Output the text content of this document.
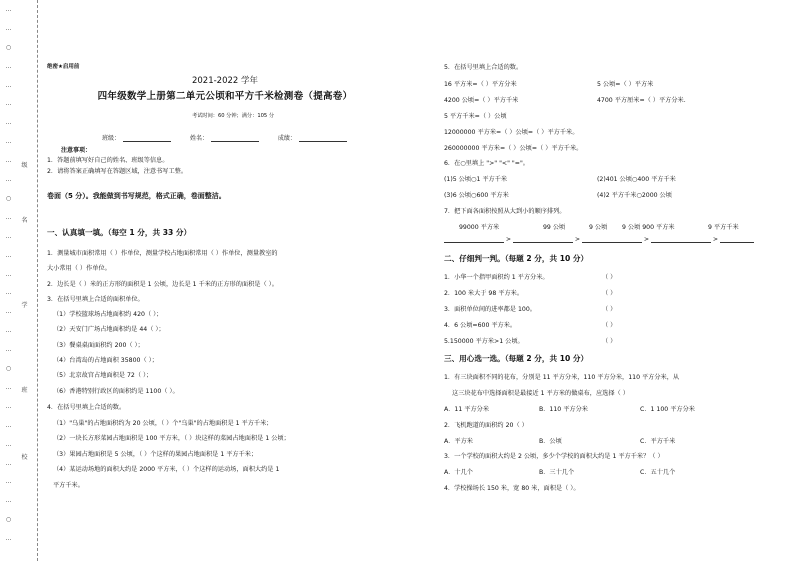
…
…
○
…
…
…
…
…
…
…
○
…
…
…
…
…
…
…
…
○
…
…
…
…
…
…
…
○
…
级
名
学
班
校
绝密★启用前
2021-2022 学年
四年级数学上册第二单元公顷和平方千米检测卷（提高卷）
考试时间：60 分钟；满分：105 分
班级：	姓名：	成绩：
注意事项：
1．答题前填写好自己的姓名、班级等信息。
2．请将答案正确填写在答题区域，注意书写工整。
卷面（5 分）。我能做到书写规范，格式正确，卷面整洁。
一、认真填一填。（每空 1 分，共 33 分）
1．测量城市面积常用（ ）作单位，测量学校占地面积常用（ ）作单位，测量教室的
大小常用（ ）作单位。
2．边长是（ ）米的正方形的面积是 1 公顷，边长是 1 千米的正方形的面积是（ ）。
3．在括号里填上合适的面积单位。
（1）学校篮球场占地面积约 420（ ）；
（2）天安门广场占地面积约是 44（ ）；
（3）餐桌桌面面积约 200（ ）；
（4）台湾岛的占地面积 35800（ ）；
（5）北京故宫占地面积是 72（ ）；
（6）香港特别行政区的面积约是 1100（ ）。
4．在括号里填上合适的数。
（1）"乌巢"的占地面积约为 20 公顷，（ ）个"乌巢"的占地面积是 1 平方千米；
（2）一块长方形菜园占地面积是 100 平方米，（ ）块这样的菜园占地面积是 1 公顷；
（3）果园占地面积是 5 公顷，（ ）个这样的果园占地面积是 1 平方千米；
（4）某运动场地的面积大约是 2000 平方米，（ ）个这样的运动场，面积大约是 1
平方千米。
5．在括号里填上合适的数。
16 平方米=（ ）平方分米	5 公顷=（ ）平方米
4200 公顷=（ ）平方千米	4700 平方厘米=（ ）平方分米.
5 平方千米=（ ）公顷
12000000 平方米=（ ）公顷=（ ）平方千米。
260000000 平方米=（ ）公顷=（ ）平方千米。
6．在○里填上 ">" "<" "="。
(1)5 公顷○1 平方千米	(2)401 公顷○400 平方千米
(3)6 公顷○600 平方米	(4)2 平方千米○2000 公顷
7．把下面各面积按照从大到小的顺序排列。
99000 平方米	99 公顷	9 公顷 9 公顷 900 平方米	9 平方千米
>	>	>	>
二、仔细判一判。（每题 2 分，共 10 分）
1．小华一个指甲面积约 1 平方分米。	（ ）
2．100 米大于 98 平方米。	（ ）
3．面积单位间的进率都是 100。	（ ）
4．6 公顷=600 平方米。	（ ）
5.150000 平方米>1 公顷。	（ ）
三、用心选一选。（每题 2 分，共 10 分）
1．有三块面积不同的花布，分别是 11 平方分米，110 平方分米，110 平方分米，从
这三块花布中选择面积是最接近 1 平方米的做桌布，应选择（ ）
A．11 平方分米	B．110 平方分米	C．1 100 平方分米
2．飞机跑道的面积约 20（ ）
A．平方米	B．公顷	C．平方千米
3．一个学校的面积大约是 2 公顷，多少个学校的面积大约是 1 平方千米？（ ）
A．十几个	B．三十几个	C．五十几个
4．学校操场长 150 米，宽 80 米，面积是（ ）。
